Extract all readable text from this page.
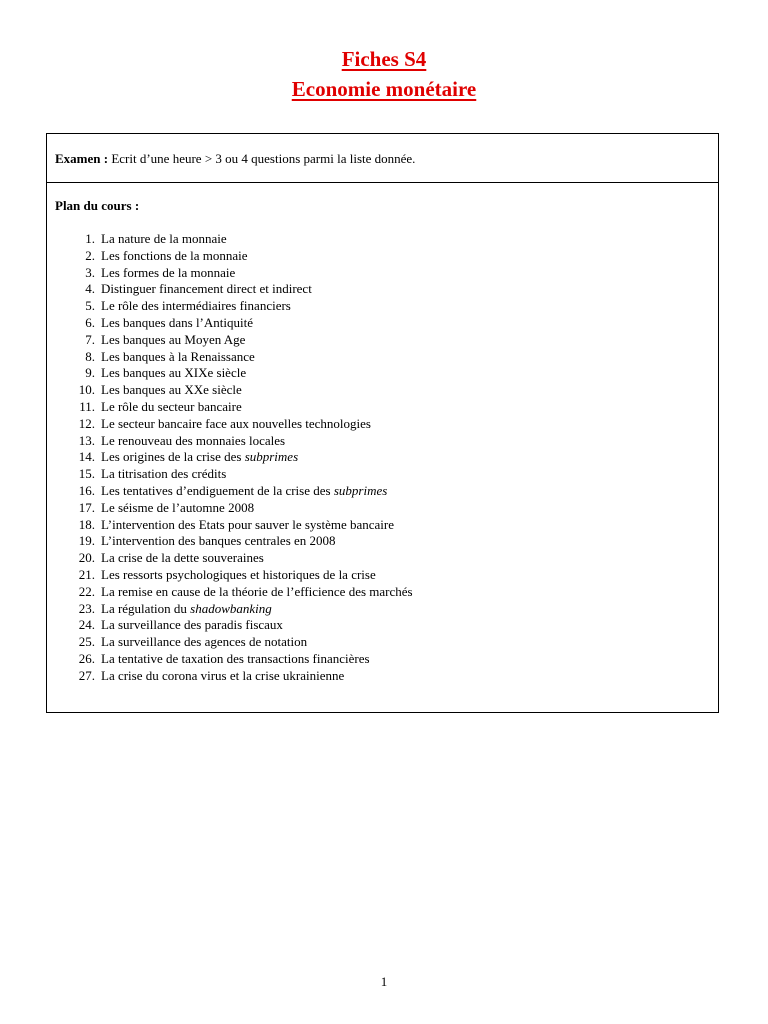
Fiches S4
Economie monétaire
Examen : Ecrit d’une heure > 3 ou 4 questions parmi la liste donnée.
Plan du cours :
1. La nature de la monnaie
2. Les fonctions de la monnaie
3. Les formes de la monnaie
4. Distinguer financement direct et indirect
5. Le rôle des intermédiaires financiers
6. Les banques dans l’Antiquité
7. Les banques au Moyen Age
8. Les banques à la Renaissance
9. Les banques au XIXe siècle
10. Les banques au XXe siècle
11. Le rôle du secteur bancaire
12. Le secteur bancaire face aux nouvelles technologies
13. Le renouveau des monnaies locales
14. Les origines de la crise des subprimes
15. La titrisation des crédits
16. Les tentatives d’endiguement de la crise des subprimes
17. Le séisme de l’automne 2008
18. L’intervention des Etats pour sauver le système bancaire
19. L’intervention des banques centrales en 2008
20. La crise de la dette souveraines
21. Les ressorts psychologiques et historiques de la crise
22. La remise en cause de la théorie de l’efficience des marchés
23. La régulation du shadowbanking
24. La surveillance des paradis fiscaux
25. La surveillance des agences de notation
26. La tentative de taxation des transactions financières
27. La crise du corona virus et la crise ukrainienne
1
